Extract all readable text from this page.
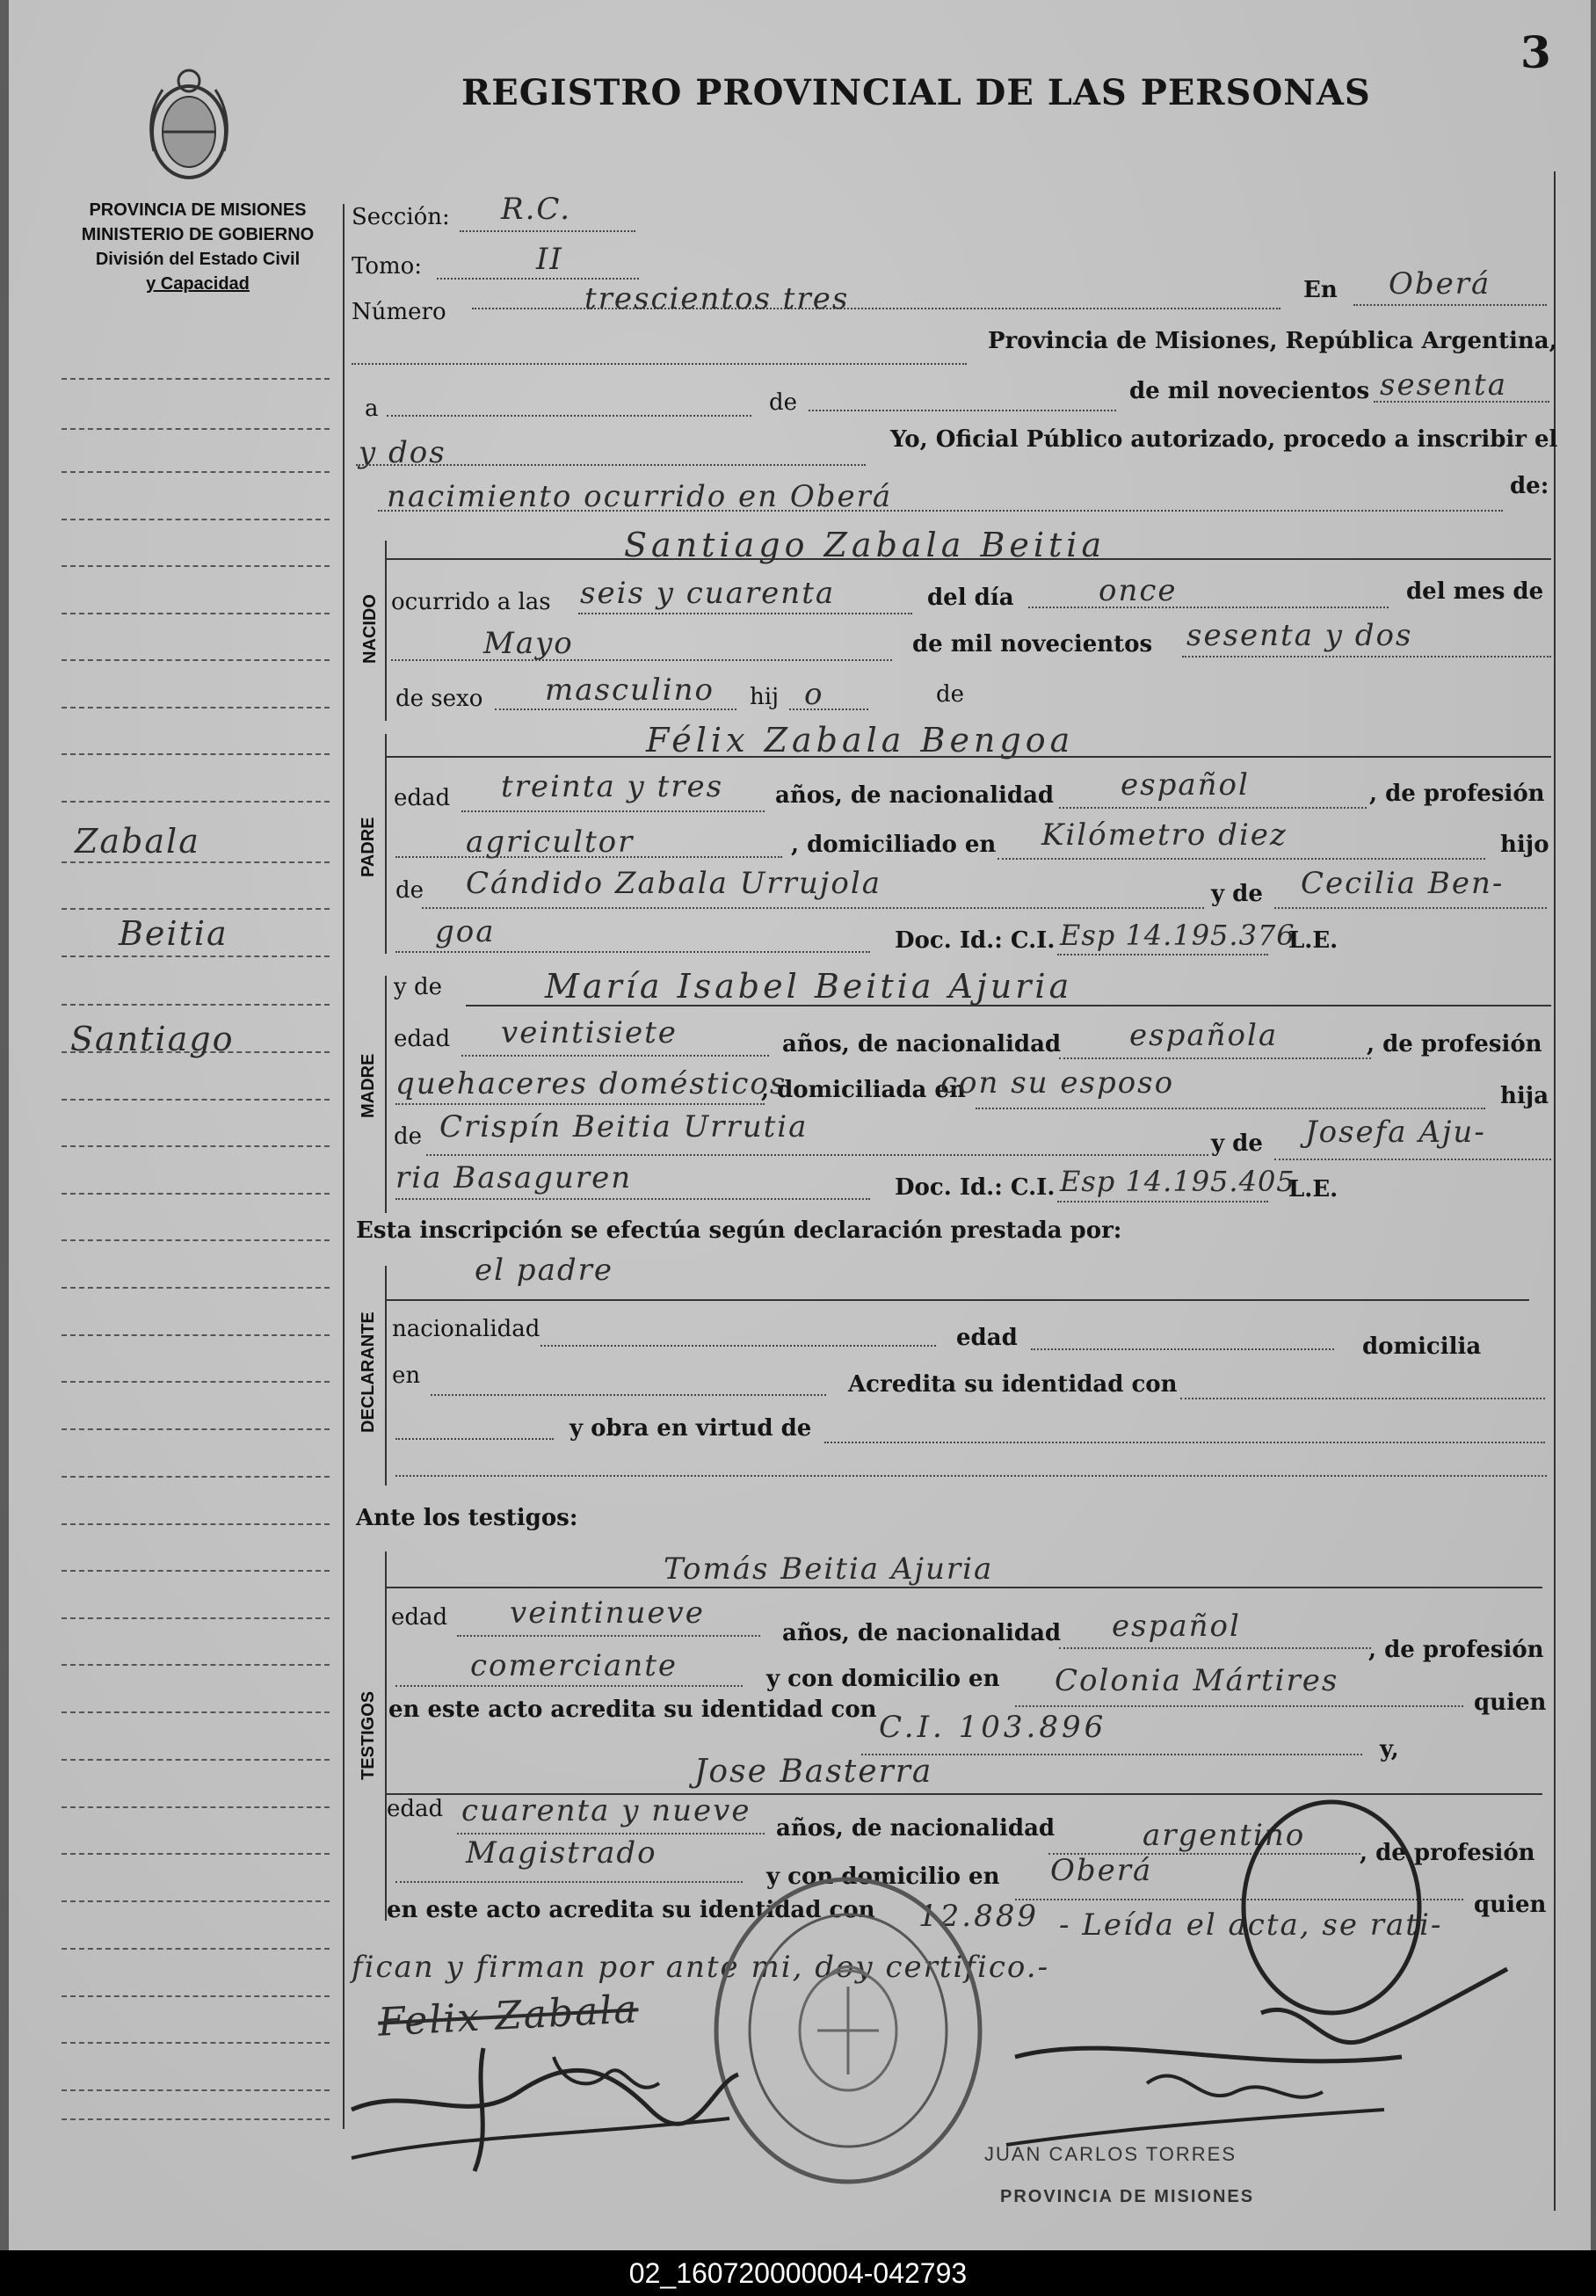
3
REGISTRO PROVINCIAL DE LAS PERSONAS
PROVINCIA DE MISIONES
MINISTERIO DE GOBIERNO
División del Estado Civil
y Capacidad
Zabala
Beitia
Santiago
Sección: R.C.
Tomo:	II
Número	trescientos tres	En Oberá
Provincia de Misiones, República Argentina,
a	de	de mil novecientos sesenta
y dos	Yo, Oficial Público autorizado, procedo a inscribir el
nacimiento ocurrido en Oberá	de:
NACIDO
Santiago Zabala Beitia
ocurrido a las seis y cuarenta	del día	once	del mes de
Mayo	de mil novecientos sesenta y dos
de sexo masculino hij o	de
PADRE
Félix Zabala Bengoa
edad treinta y tres años, de nacionalidad español	, de profesión
agricultor	, domiciliado en Kilómetro diez	hijo
de Cándido Zabala Urrujola	y de Cecilia Ben-
goa	Doc. Id.: C.I. Esp 14.195.376
L.E.
MADRE
y de	María Isabel Beitia Ajuria
edad veintisiete	años, de nacionalidad española	, de profesión
quehaceres domésticos
, domiciliada en
con su esposo	hija
de Crispín Beitia Urrutia	y de Josefa Aju-
ria Basaguren	Doc. Id.: C.I. Esp 14.195.405
L.E.
Esta inscripción se efectúa según declaración prestada por:
el padre
DECLARANTE nacionalidad	edad	domicilia
en	Acredita su identidad con
y obra en virtud de
Ante los testigos:
TESTIGOS
Tomás Beitia Ajuria
edad veintinueve
años, de nacionalidad español
, de profesión
comerciante	y con domicilio en Colonia Mártires
quien
en este acto acredita su identidad con C.I. 103.896
y,
Jose Basterra
edad cuarenta y nueve años, de nacionalidad	argentino , de profesión
Magistrado
y con domicilio en Oberá
quien
en este acto acredita su identidad con 12.889 - Leída el acta, se rati-
fican y firman por ante mi, doy certifico.-
Felix Zabala
JUAN CARLOS TORRES
PROVINCIA DE MISIONES
02_160720000004-042793
